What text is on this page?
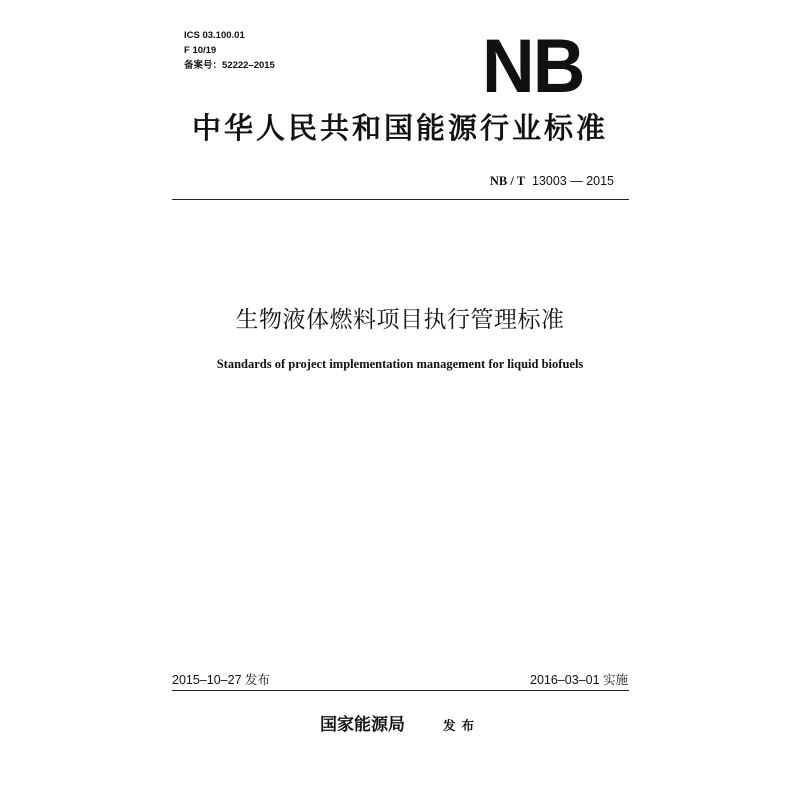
ICS 03.100.01
F 10/19
备案号：52222–2015	NB
中华人民共和国能源行业标准
NB / T 13003 — 2015
生物液体燃料项目执行管理标准
Standards of project implementation management for liquid biofuels
2015–10–27 发布	2016–03–01 实施
国家能源局	发布
